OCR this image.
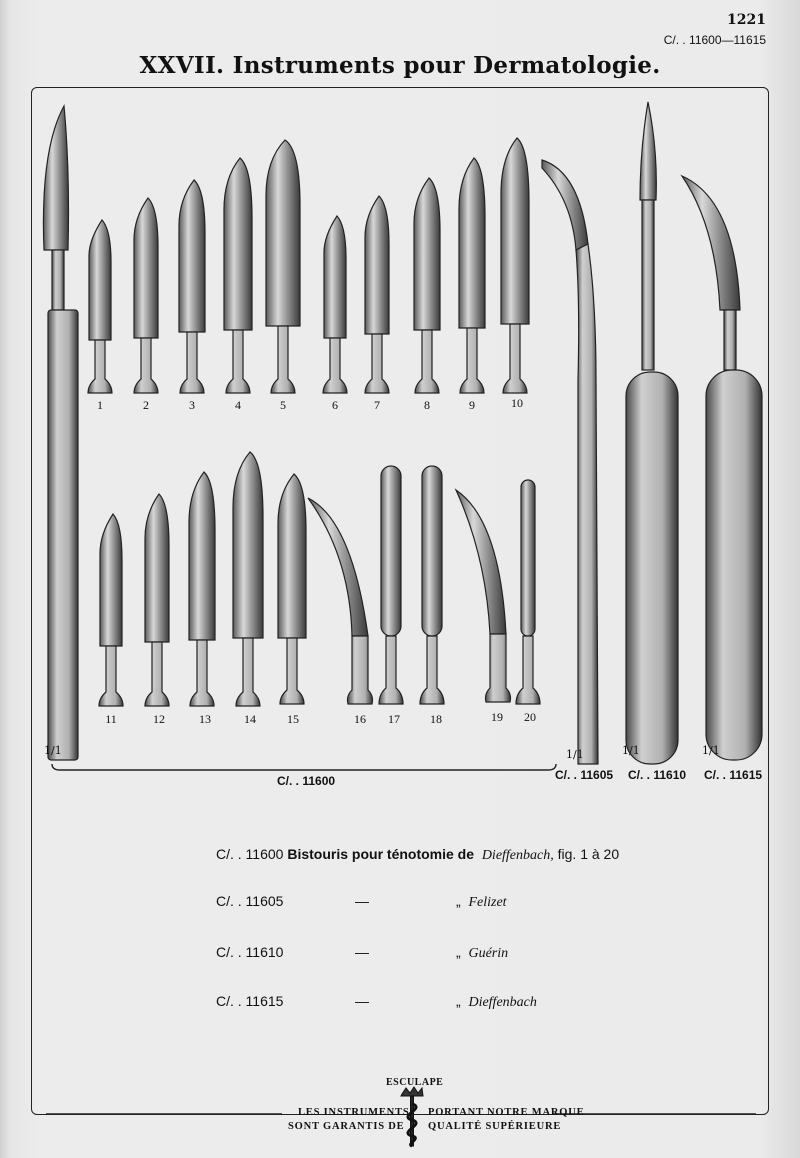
1221
C/. . 11600—11615
XXVII. Instruments pour Dermatologie.
1	2	3	4	5	6	7	8	9	10
11	12	13	14	15	16 17	18	19 20
1/1	1/1	1/1	1/1
C/. . 11600	C/. . 11605 C/. . 11610 C/. . 11615
C/. . 11600 Bistouris pour ténotomie de Dieffenbach, fig. 1 à 20
C/. . 11605	—	„ Felizet
C/. . 11610	—	„ Guérin
C/. . 11615	—	„ Dieffenbach
ESCULAPE
LES INSTRUMENTS
SONT GARANTIS DE
PORTANT NOTRE MARQUE
QUALITÉ SUPÉRIEURE
